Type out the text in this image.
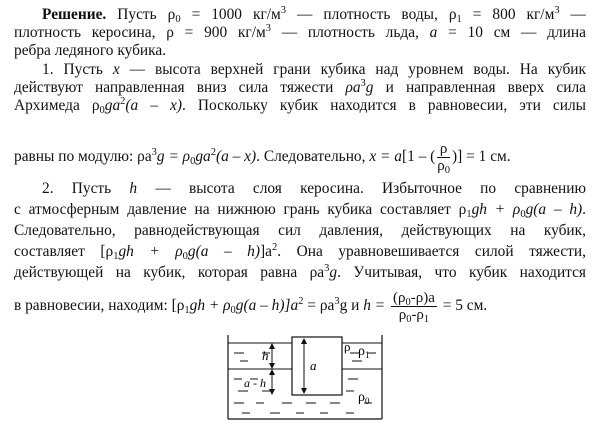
Решение. Пусть $\rho_0 = 1000$ $кг/м^3$ — плотность воды, $\rho_1 = 800$ $кг/м^3$ —

плотность керосина, ρ = 900 $кг/м^3$ — плотность льда, a = 10 см — длина

ребра ледяного кубика.

1. Пусть x — высота верхней грани кубика над уровнем воды. На кубик

действуют направленная вниз сила тяжести $\rho a^3g$ и направленная вверх сила

Архимеда $\rho_0ga^2(a - x)$. Поскольку кубик находится в равновесии, эти силы

равны по модулю: $\rho a^3g = \rho_0ga^2(a - x)$. Следовательно, x = a[1 – ( $\frac{\rho}{\rho_0}$ )] = 1 см.

2. Пусть h — высота слоя керосина. Избыточное по сравнению

с атмосферным давление на нижнюю грань кубика составляет $\rho_1gh + \rho_0g(a - h)$.

Следовательно, равнодействующая сил давления, действующих на кубик,

составляет $[\rho_1gh + \rho_0g(a - h)]a^2$. Она уравновешивается силой тяжести,

действующей на кубик, которая равна $\rho a^3g$. Учитывая, что кубик находится

в равновесии, находим: $[\rho_1gh + \rho_0g(a - h)]a^2 = \rho a^3g$ и $h = \frac{(\rho_0-\rho)a}{\rho_0-\rho_1} = 5$ см.

a
h
a - h
ρ $\rho_1$
$\rho_0$
